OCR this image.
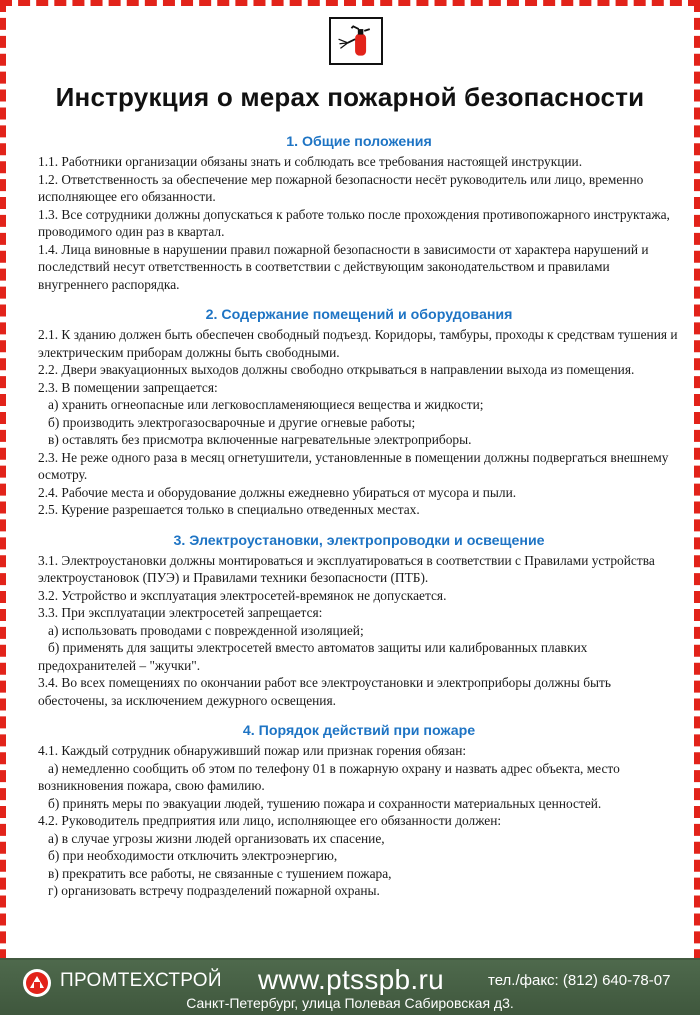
Инструкция о мерах пожарной безопасности
1. Общие положения

1.1. Работники организации обязаны знать и соблюдать все требования настоящей инструкции.

1.2. Ответственность за обеспечение мер пожарной безопасности несёт руководитель или лицо, временно исполняющее его обязанности.

1.3. Все сотрудники должны допускаться к работе только после прохождения противопожарного инструктажа, проводимого один раз в квартал.

1.4. Лица виновные в нарушении правил пожарной безопасности в зависимости от характера нарушений и последствий несут ответственность в соответствии с действующим законодательством и правилами внугреннего распорядка.

2. Содержание помещений и оборудования

2.1. К зданию должен быть обеспечен свободный подъезд. Коридоры, тамбуры, проходы к средствам тушения и электрическим приборам должны быть свободными.

2.2. Двери эвакуационных выходов должны свободно открываться в направлении выхода из помещения.

2.3. В помещении запрещается:

а) хранить огнеопасные или легковоспламеняющиеся вещества и жидкости;

б) производить электрогазосварочные и другие огневые работы;

в) оставлять без присмотра включенные нагревательные электроприборы.

2.3. Не реже одного раза в месяц огнетушители, установленные в помещении должны подвергаться внешнему осмотру.

2.4. Рабочие места и оборудование должны ежедневно убираться от мусора и пыли.

2.5. Курение разрешается только в специально отведенных местах.

3. Электроустановки, электропроводки и освещение

3.1. Электроустановки должны монтироваться и эксплуатироваться в соответствии с Правилами устройства электроустановок (ПУЭ) и Правилами техники безопасности (ПТБ).

3.2. Устройство и эксплуатация электросетей-времянок не допускается.

3.3. При эксплуатации электросетей запрещается:

а) использовать проводами с поврежденной изоляцией;

б) применять для защиты электросетей вместо автоматов защиты или калиброванных плавких предохранителей – "жучки".

3.4. Во всех помещениях по окончании работ все электроустановки и электроприборы должны быть обесточены, за исключением дежурного освещения.

4. Порядок действий при пожаре

4.1. Каждый сотрудник обнаруживший пожар или признак горения обязан:

а) немедленно сообщить об этом по телефону 01 в пожарную охрану и назвать адрес объекта, место возникновения пожара, свою фамилию.

б) принять меры по эвакуации людей, тушению пожара и сохранности материальных ценностей.

4.2. Руководитель предприятия или лицо, исполняющее его обязанности должен:

а) в случае угрозы жизни людей организовать их спасение,

б) при необходимости отключить электроэнергию,

в) прекратить все работы, не связанные с тушением пожара,

г) организовать встречу подразделений пожарной охраны.

ПРОМТЕХСТРОЙ www.ptsspb.ru	тел./факс: (812) 640-78-07
Санкт-Петербург, улица Полевая Сабировская д3.
